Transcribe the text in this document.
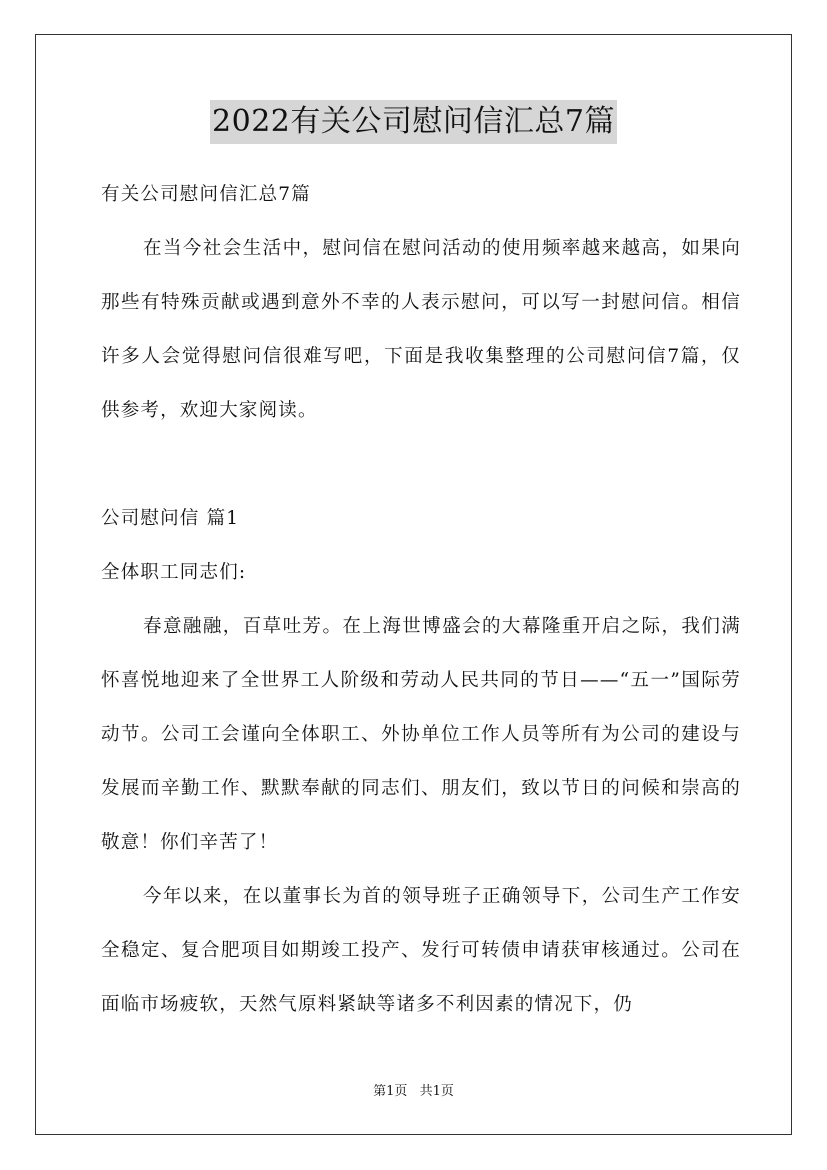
2022有关公司慰问信汇总7篇

有关公司慰问信汇总7篇

在当今社会生活中，慰问信在慰问活动的使用频率越来越高，如果向那些有特殊贡献或遇到意外不幸的人表示慰问，可以写一封慰问信。相信许多人会觉得慰问信很难写吧，下面是我收集整理的公司慰问信7篇，仅供参考，欢迎大家阅读。

公司慰问信 篇1

全体职工同志们:

春意融融，百草吐芳。在上海世博盛会的大幕隆重开启之际，我们满怀喜悦地迎来了全世界工人阶级和劳动人民共同的节日——“五一”国际劳动节。公司工会谨向全体职工、外协单位工作人员等所有为公司的建设与发展而辛勤工作、默默奉献的同志们、朋友们，致以节日的问候和崇高的敬意！你们辛苦了！

今年以来，在以董事长为首的领导班子正确领导下，公司生产工作安全稳定、复合肥项目如期竣工投产、发行可转债申请获审核通过。公司在面临市场疲软，天然气原料紧缺等诸多不利因素的情况下，仍

第1页 共1页
